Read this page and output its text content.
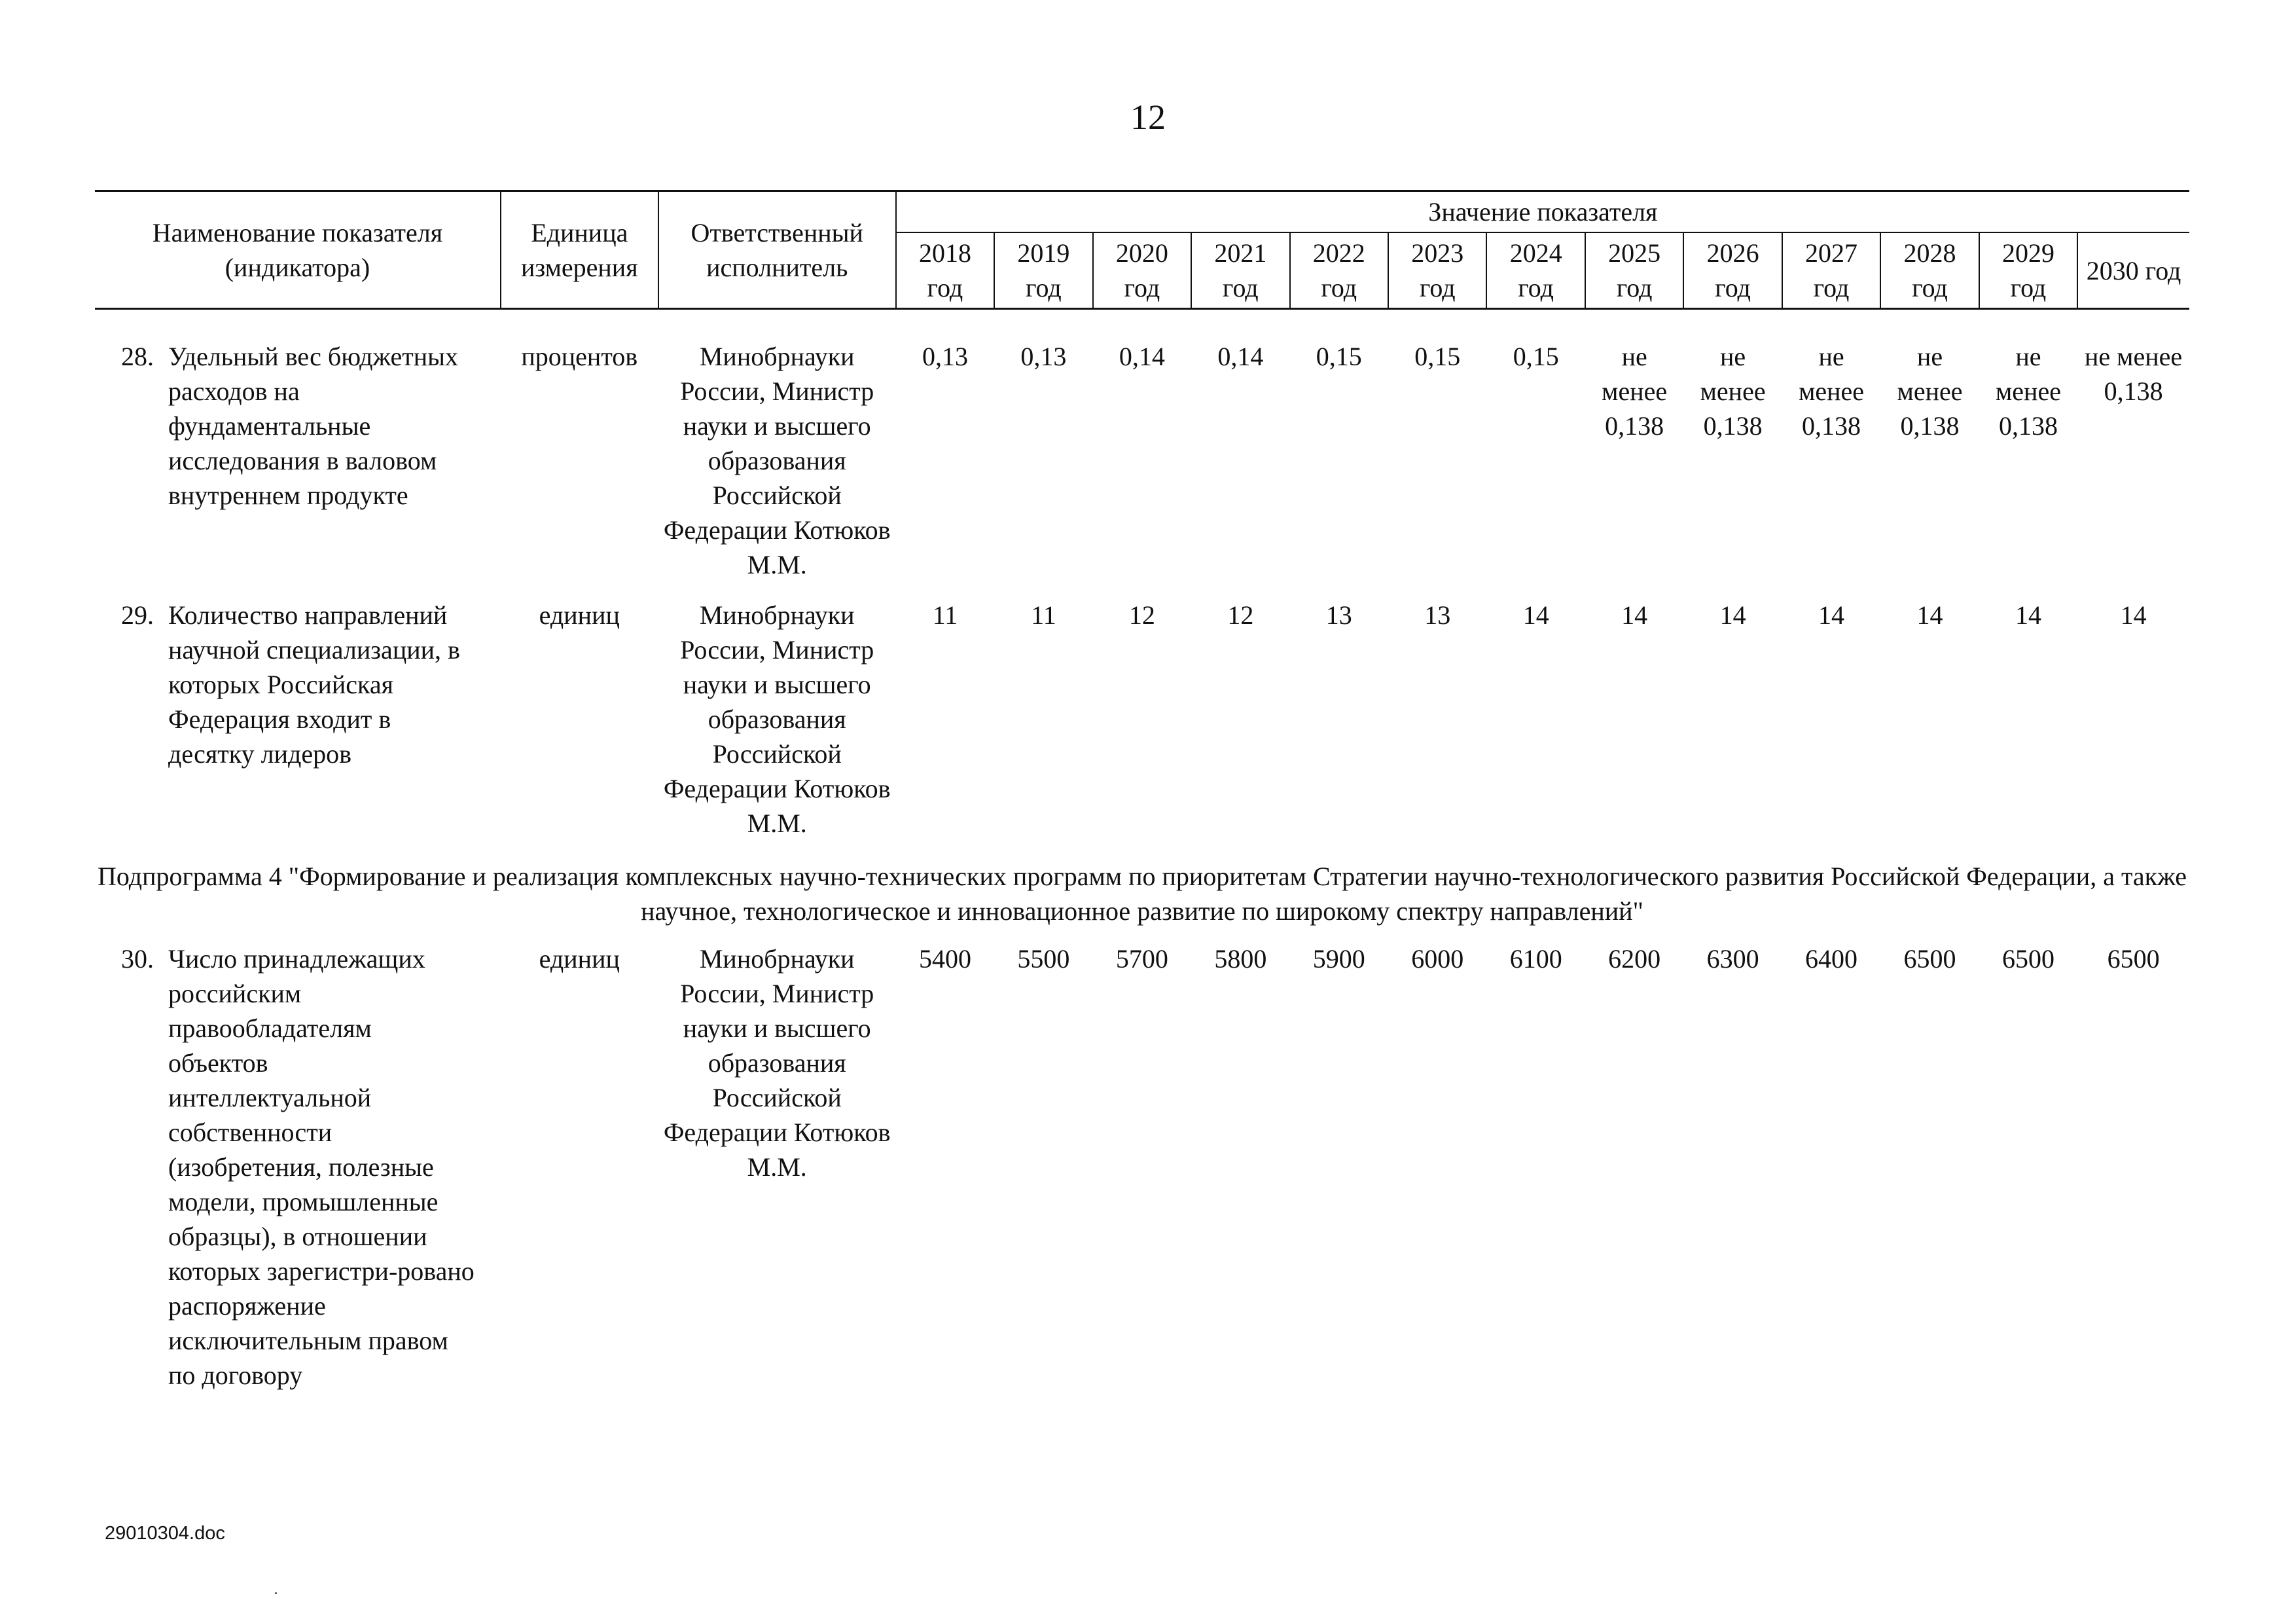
12
Наименование показателя (индикатора)	Единица измерения	Ответственный исполнитель	Значение показателя												
			2018 год	2019 год	2020 год	2021 год	2022 год	2023 год	2024 год	2025 год	2026 год	2027 год	2028 год	2029 год	2030 год

28. Удельный вес бюджетных расходов на фундаментальные исследования в валовом внутреннем продукте	процентов	Минобрнауки России, Министр науки и высшего образования Российской Федерации Котюков М.М.	0,13	0,13	0,14	0,14	0,15	0,15	0,15	не менее 0,138	не менее 0,138	не менее 0,138	не менее 0,138	не менее 0,138	не менее 0,138
29. Количество направлений научной специализации, в которых Российская Федерация входит в десятку лидеров	единиц	Минобрнауки России, Министр науки и высшего образования Российской Федерации Котюков М.М.	11	11	12	12	13	13	14	14	14	14	14	14	14
Подпрограмма 4 "Формирование и реализация комплексных научно-технических программ по приоритетам Стратегии научно-технологического развития Российской Федерации, а также научное, технологическое и инновационное развитие по широкому спектру направлений"															
30. Число принадлежащих российским правообладателям объектов интеллектуальной собственности (изобретения, полезные модели, промышленные образцы), в отношении которых зарегистри-ровано распоряжение исключительным правом по договору	единиц	Минобрнауки России, Министр науки и высшего образования Российской Федерации Котюков М.М.	5400	5500	5700	5800	5900	6000	6100	6200	6300	6400	6500	6500	6500
29010304.doc
